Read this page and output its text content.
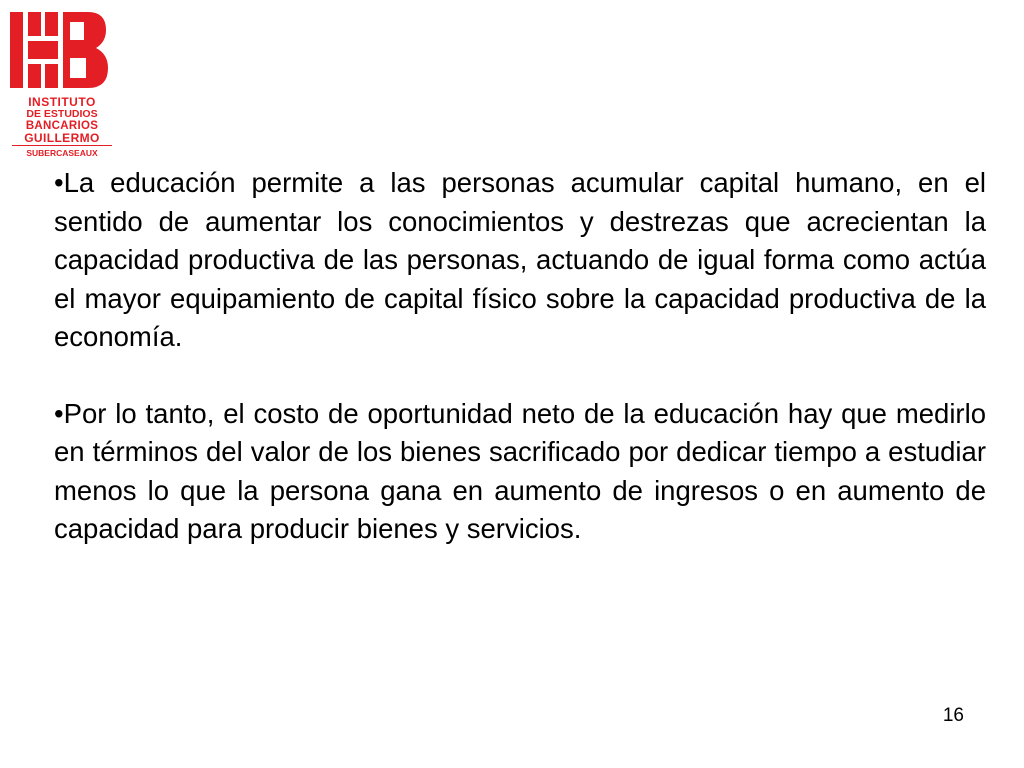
INSTITUTO
DE ESTUDIOS
BANCARIOS
GUILLERMO
SUBERCASEAUX

•La educación permite a las personas acumular capital humano, en el sentido de aumentar los conocimientos y destrezas que acrecientan la capacidad productiva de las personas, actuando de igual forma como actúa el mayor equipamiento de capital físico sobre la capacidad productiva de la economía.

•Por lo tanto, el costo de oportunidad neto de la educación hay que medirlo en términos del valor de los bienes sacrificado por dedicar tiempo a estudiar menos lo que la persona gana en aumento de ingresos o en aumento de capacidad para producir bienes y servicios.

16
